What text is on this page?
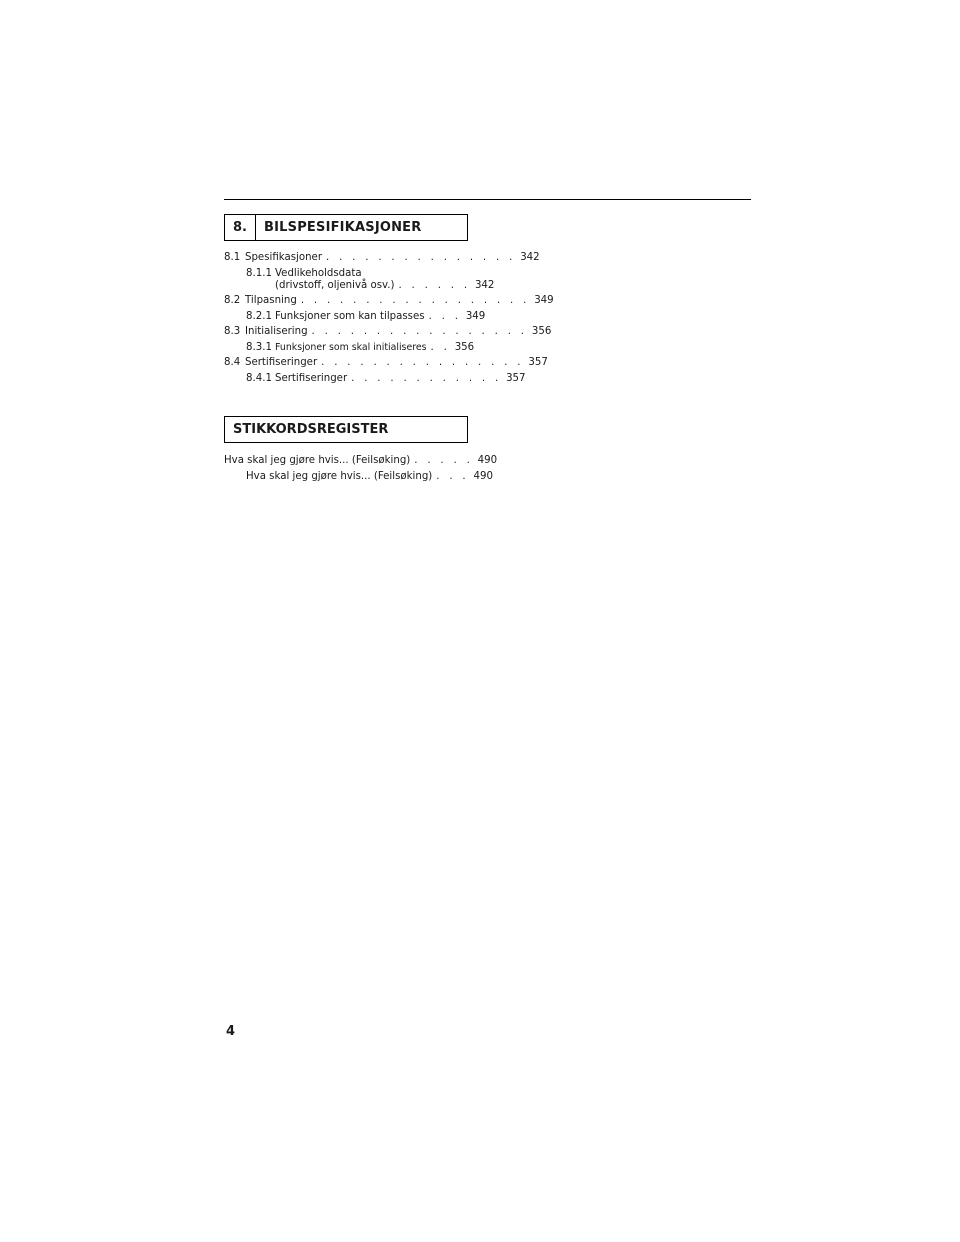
8.	BILSPESIFIKASJONER
8.1 Spesifikasjoner . . . . . . . . . . . . . . . 342
8.1.1 Vedlikeholdsdata
(drivstoff, oljenivå osv.) . . . . . . 342
8.2 Tilpasning . . . . . . . . . . . . . . . . . . 349
8.2.1 Funksjoner som kan tilpasses . . . 349
8.3 Initialisering . . . . . . . . . . . . . . . . . 356
8.3.1 Funksjoner som skal initialiseres . . 356
8.4 Sertifiseringer . . . . . . . . . . . . . . . . 357
8.4.1 Sertifiseringer . . . . . . . . . . . . 357
STIKKORDSREGISTER
Hva skal jeg gjøre hvis... (Feilsøking) . . . . . 490
Hva skal jeg gjøre hvis... (Feilsøking) . . . 490
4
